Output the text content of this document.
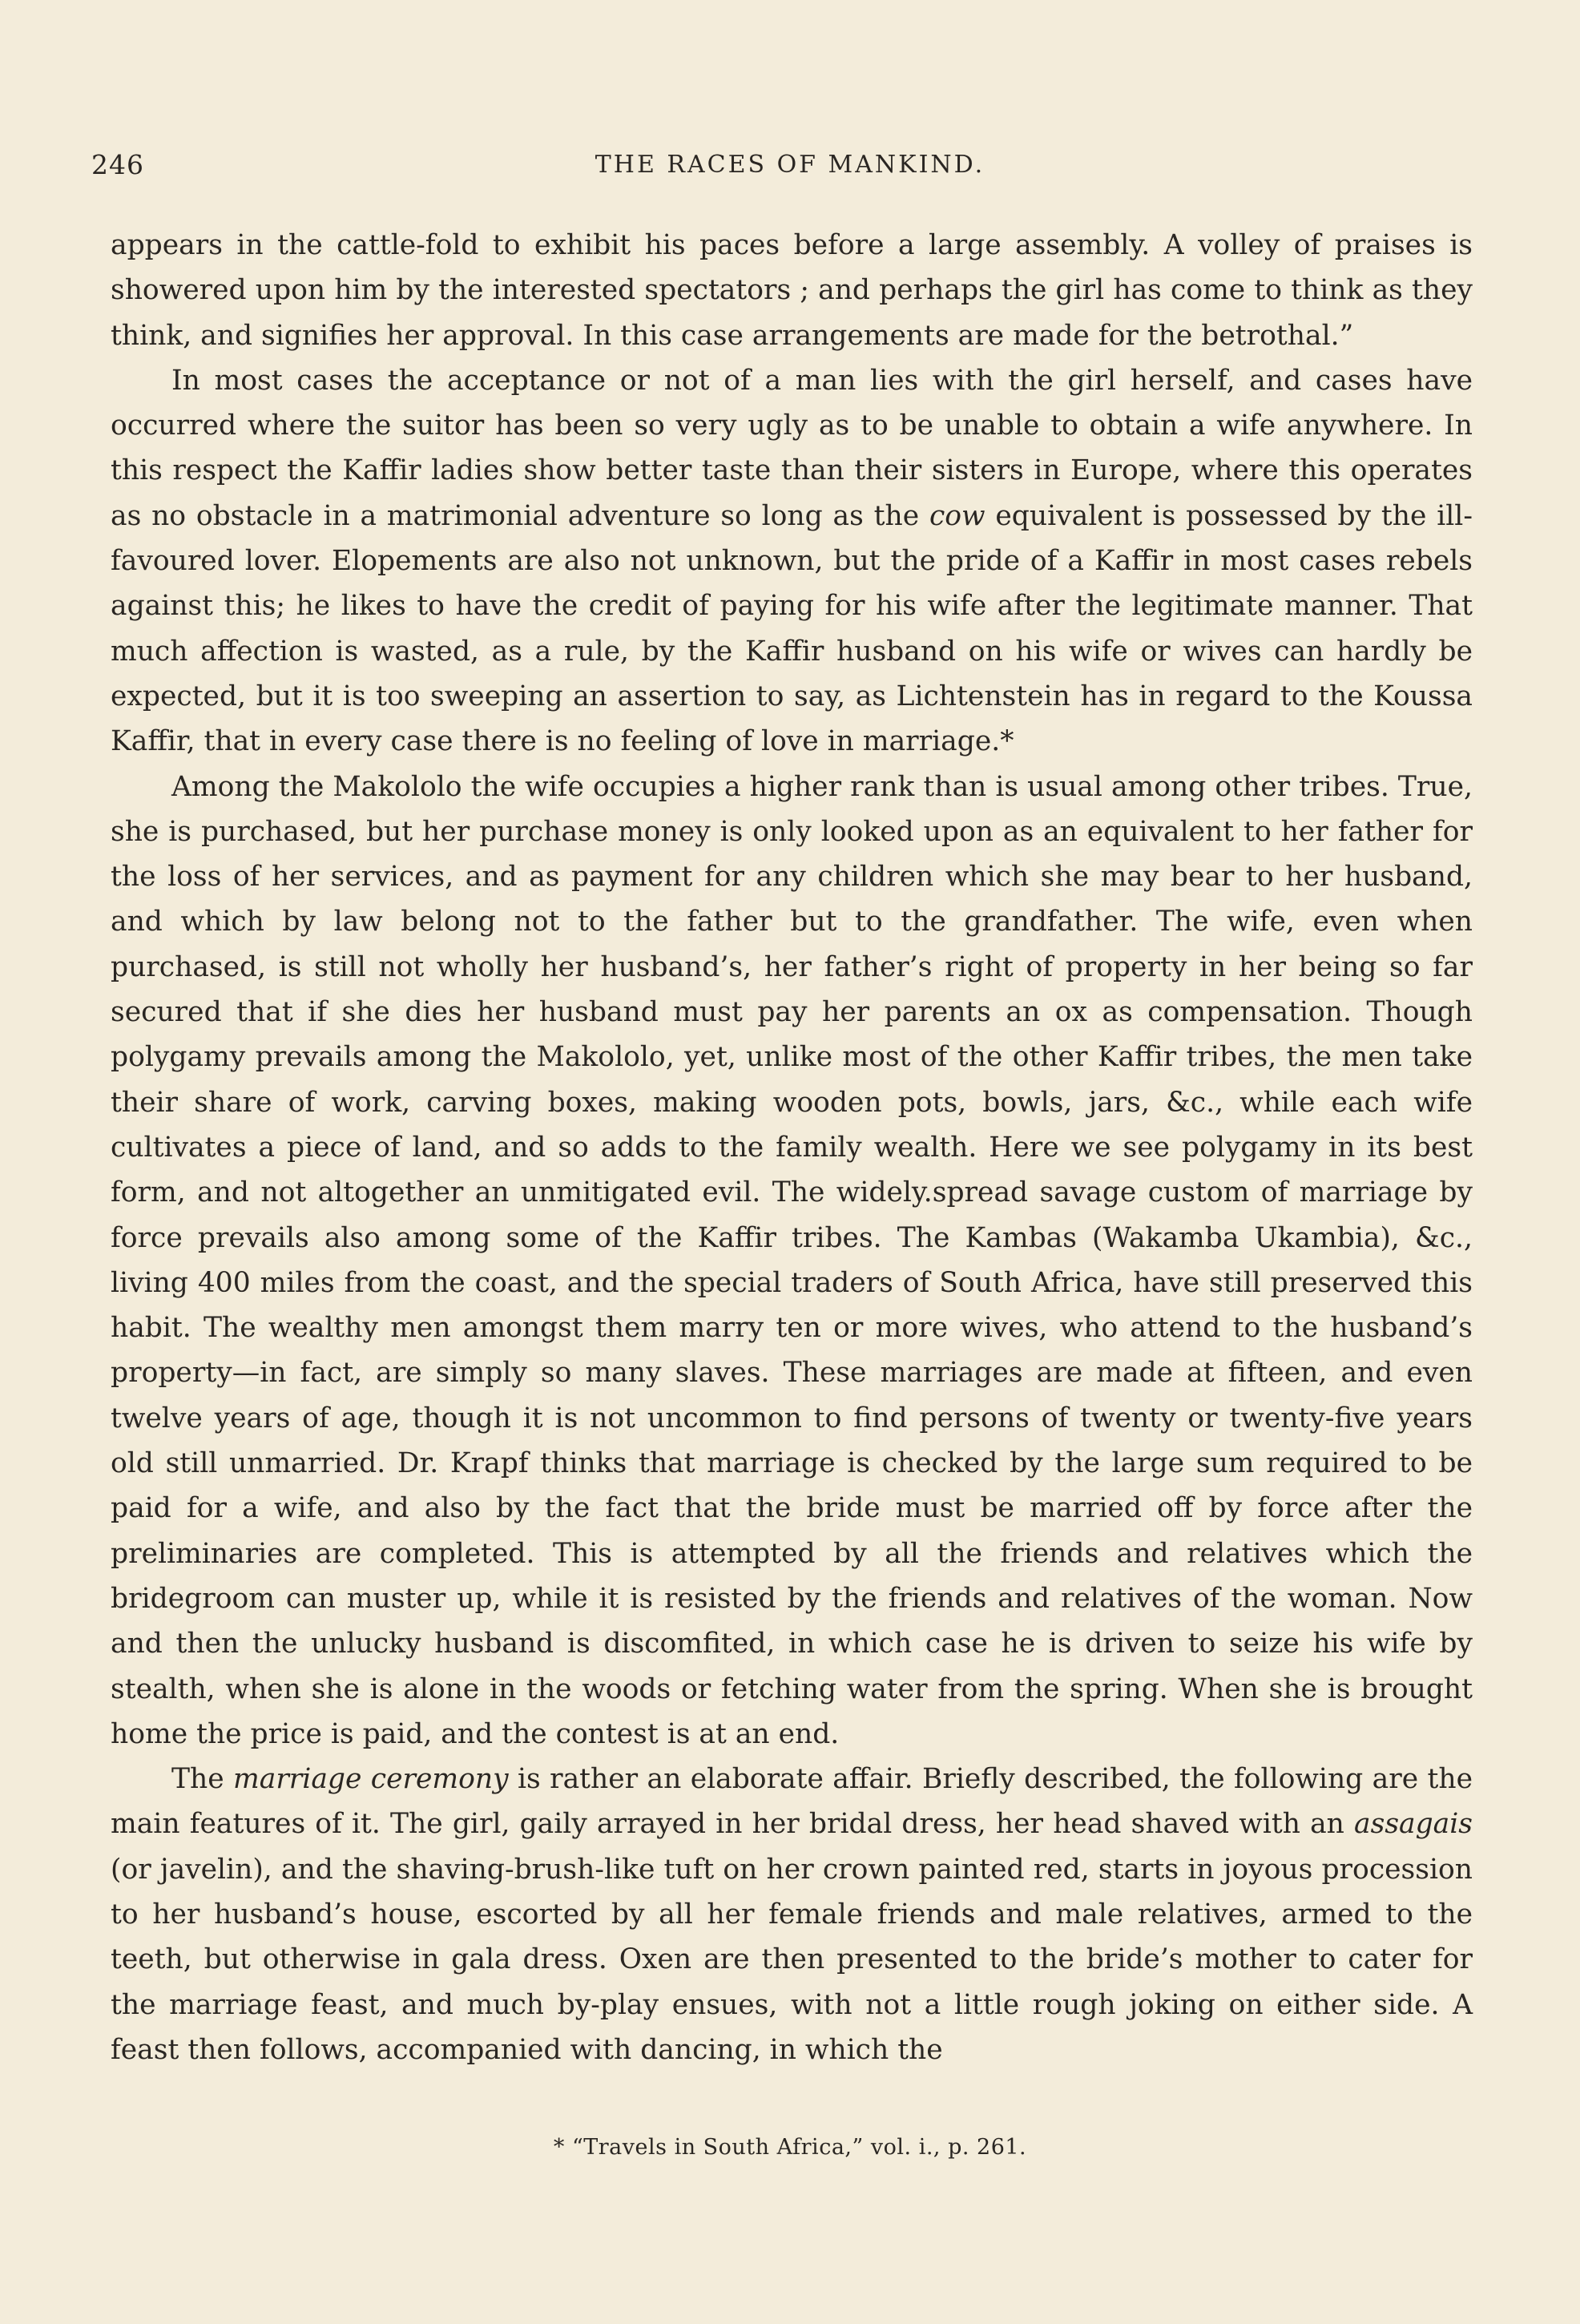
246	THE RACES OF MANKIND.

appears in the cattle-fold to exhibit his paces before a large assembly. A volley of praises is showered upon him by the interested spectators ; and perhaps the girl has come to think as they think, and signifies her approval. In this case arrangements are made for the betrothal.”

In most cases the acceptance or not of a man lies with the girl herself, and cases have occurred where the suitor has been so very ugly as to be unable to obtain a wife anywhere. In this respect the Kaffir ladies show better taste than their sisters in Europe, where this operates as no obstacle in a matrimonial adventure so long as the cow equivalent is possessed by the ill-favoured lover. Elopements are also not unknown, but the pride of a Kaffir in most cases rebels against this; he likes to have the credit of paying for his wife after the legitimate manner. That much affection is wasted, as a rule, by the Kaffir husband on his wife or wives can hardly be expected, but it is too sweeping an assertion to say, as Lichtenstein has in regard to the Koussa Kaffir, that in every case there is no feeling of love in marriage.*

Among the Makololo the wife occupies a higher rank than is usual among other tribes. True, she is purchased, but her purchase money is only looked upon as an equivalent to her father for the loss of her services, and as payment for any children which she may bear to her husband, and which by law belong not to the father but to the grandfather. The wife, even when purchased, is still not wholly her husband’s, her father’s right of property in her being so far secured that if she dies her husband must pay her parents an ox as compensation. Though polygamy prevails among the Makololo, yet, unlike most of the other Kaffir tribes, the men take their share of work, carving boxes, making wooden pots, bowls, jars, &c., while each wife cultivates a piece of land, and so adds to the family wealth. Here we see polygamy in its best form, and not altogether an unmitigated evil. The widely.spread savage custom of marriage by force prevails also among some of the Kaffir tribes. The Kambas (Wakamba Ukambia), &c., living 400 miles from the coast, and the special traders of South Africa, have still preserved this habit. The wealthy men amongst them marry ten or more wives, who attend to the husband’s property—in fact, are simply so many slaves. These marriages are made at fifteen, and even twelve years of age, though it is not uncommon to find persons of twenty or twenty-five years old still unmarried. Dr. Krapf thinks that marriage is checked by the large sum required to be paid for a wife, and also by the fact that the bride must be married off by force after the preliminaries are completed. This is attempted by all the friends and relatives which the bridegroom can muster up, while it is resisted by the friends and relatives of the woman. Now and then the unlucky husband is discomfited, in which case he is driven to seize his wife by stealth, when she is alone in the woods or fetching water from the spring. When she is brought home the price is paid, and the contest is at an end.

The marriage ceremony is rather an elaborate affair. Briefly described, the following are the main features of it. The girl, gaily arrayed in her bridal dress, her head shaved with an assagais (or javelin), and the shaving-brush-like tuft on her crown painted red, starts in joyous procession to her husband’s house, escorted by all her female friends and male relatives, armed to the teeth, but otherwise in gala dress. Oxen are then presented to the bride’s mother to cater for the marriage feast, and much by-play ensues, with not a little rough joking on either side. A feast then follows, accompanied with dancing, in which the

* “Travels in South Africa,” vol. i., p. 261.
